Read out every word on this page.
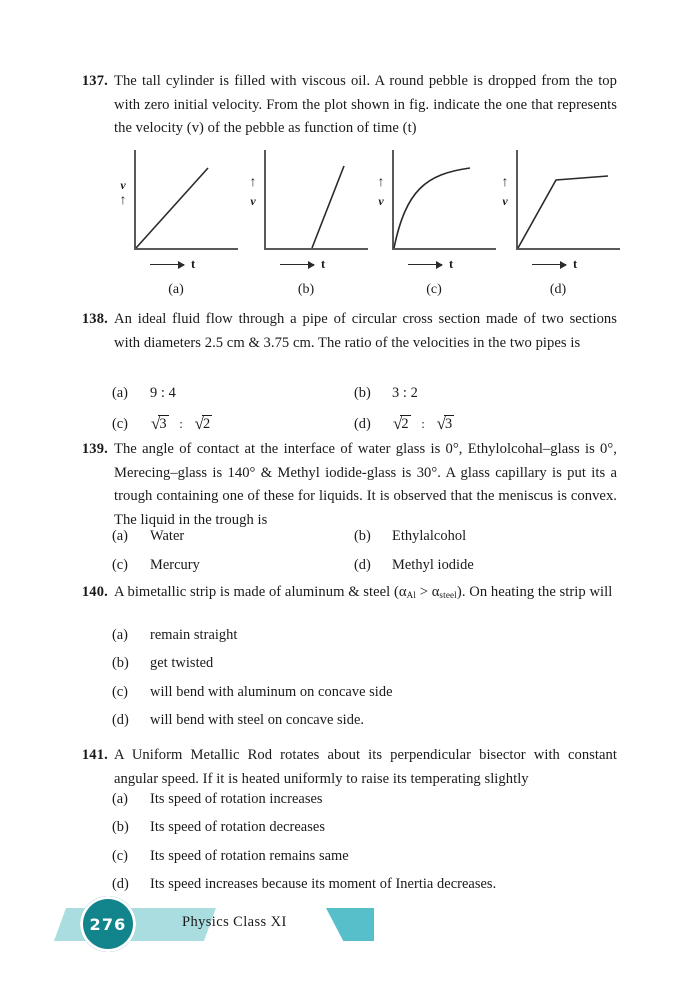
137. The tall cylinder is filled with viscous oil. A round pebble is dropped from the top with zero initial velocity. From the plot shown in fig. indicate the one that represents the velocity (v) of the pebble as function of time (t)
v
↑
t
(a)
↑
v
t
(b)
↑
v
t
(c)
↑
v
t
(d)
138. An ideal fluid flow through a pipe of circular cross section made of two sections with diameters 2.5 cm & 3.75 cm. The ratio of the velocities in the two pipes is
(a)	9 : 4	(b)	3 : 2
(c)	√3 : √2	(d)	√2 : √3
139. The angle of contact at the interface of water glass is 0°, Ethylolcohal–glass is 0°, Merecing–glass is 140° & Methyl iodide-glass is 30°. A glass capillary is put its a trough containing one of these for liquids. It is observed that the meniscus is convex. The liquid in the trough is
(a)	Water	(b)	Ethylalcohol
(c)	Mercury	(d)	Methyl iodide
140. A bimetallic strip is made of aluminum & steel $(\alpha_{Al} > \alpha_{steel})$. On heating the strip will
(a)	remain straight
(b)	get twisted
(c)	will bend with aluminum on concave side
(d)	will bend with steel on concave side.
141. A Uniform Metallic Rod rotates about its perpendicular bisector with constant angular speed. If it is heated uniformly to raise its temperating slightly
(a)	Its speed of rotation increases
(b)	Its speed of rotation decreases
(c)	Its speed of rotation remains same
(d)	Its speed increases because its moment of Inertia decreases.
276	Physics Class XI
